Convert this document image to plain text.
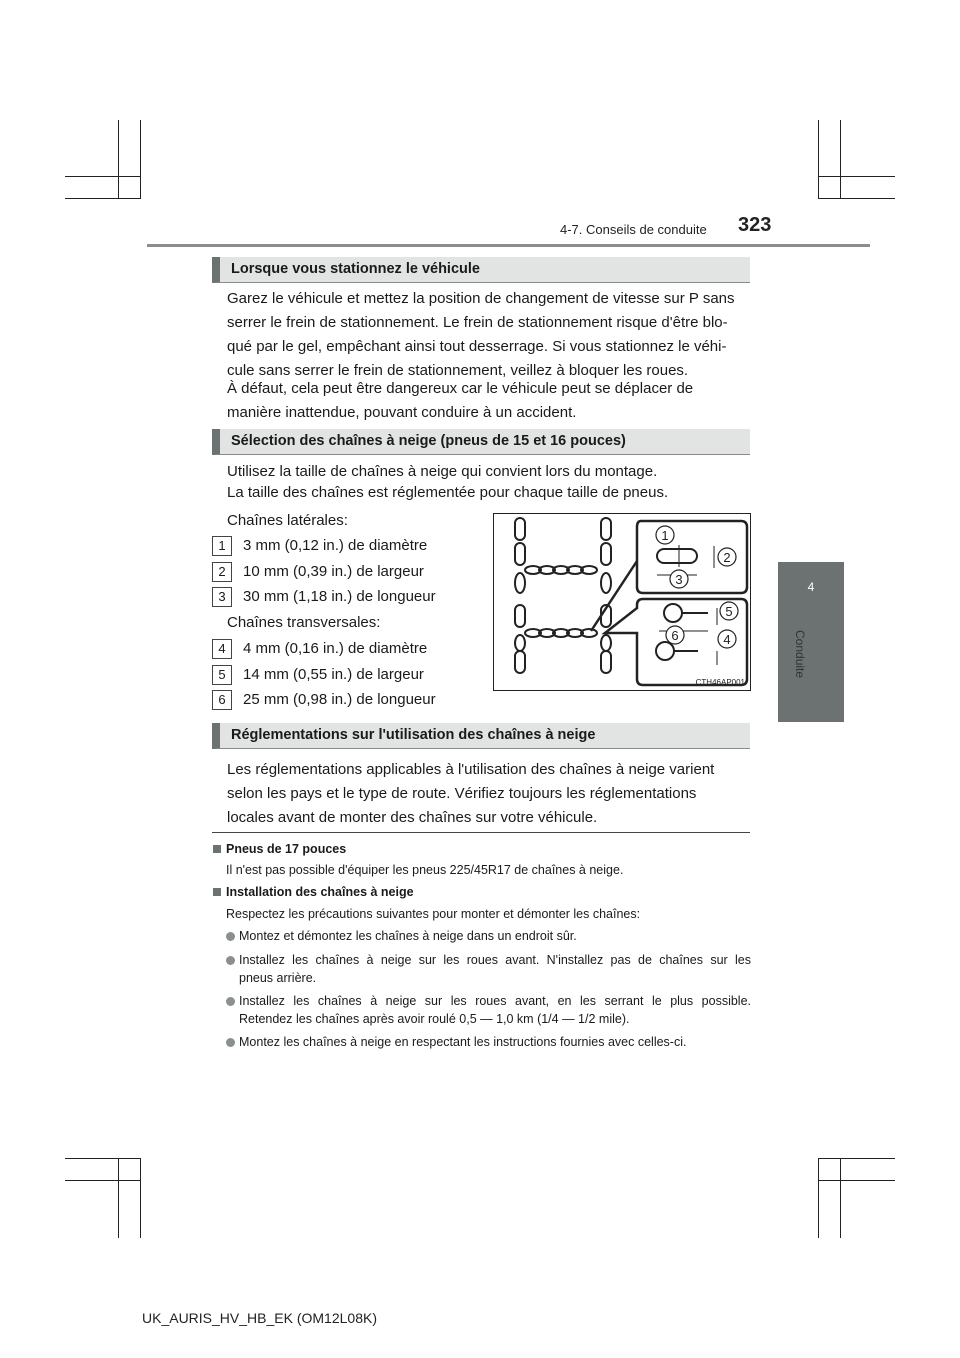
4-7. Conseils de conduite 323
4
Conduite
Lorsque vous stationnez le véhicule
Garez le véhicule et mettez la position de changement de vitesse sur P sans
serrer le frein de stationnement. Le frein de stationnement risque d'être blo-
qué par le gel, empêchant ainsi tout desserrage. Si vous stationnez le véhi-
cule sans serrer le frein de stationnement, veillez à bloquer les roues.
À défaut, cela peut être dangereux car le véhicule peut se déplacer de
manière inattendue, pouvant conduire à un accident.
Sélection des chaînes à neige (pneus de 15 et 16 pouces)
Utilisez la taille de chaînes à neige qui convient lors du montage.
La taille des chaînes est réglementée pour chaque taille de pneus.
Chaînes latérales:
1	3 mm (0,12 in.) de diamètre
2	10 mm (0,39 in.) de largeur
3	30 mm (1,18 in.) de longueur
Chaînes transversales:
4	4 mm (0,16 in.) de diamètre
5	14 mm (0,55 in.) de largeur
6	25 mm (0,98 in.) de longueur
1
2
3
5
6	4
CTH46AP001
Réglementations sur l'utilisation des chaînes à neige
Les réglementations applicables à l'utilisation des chaînes à neige varient
selon les pays et le type de route. Vérifiez toujours les réglementations
locales avant de monter des chaînes sur votre véhicule.
Pneus de 17 pouces
Il n'est pas possible d'équiper les pneus 225/45R17 de chaînes à neige.
Installation des chaînes à neige
Respectez les précautions suivantes pour monter et démonter les chaînes:
Montez et démontez les chaînes à neige dans un endroit sûr.
Installez les chaînes à neige sur les roues avant. N'installez pas de chaînes sur les
pneus arrière.
Installez les chaînes à neige sur les roues avant, en les serrant le plus possible.
Retendez les chaînes après avoir roulé 0,5 — 1,0 km (1/4 — 1/2 mile).
Montez les chaînes à neige en respectant les instructions fournies avec celles-ci.
UK_AURIS_HV_HB_EK (OM12L08K)
